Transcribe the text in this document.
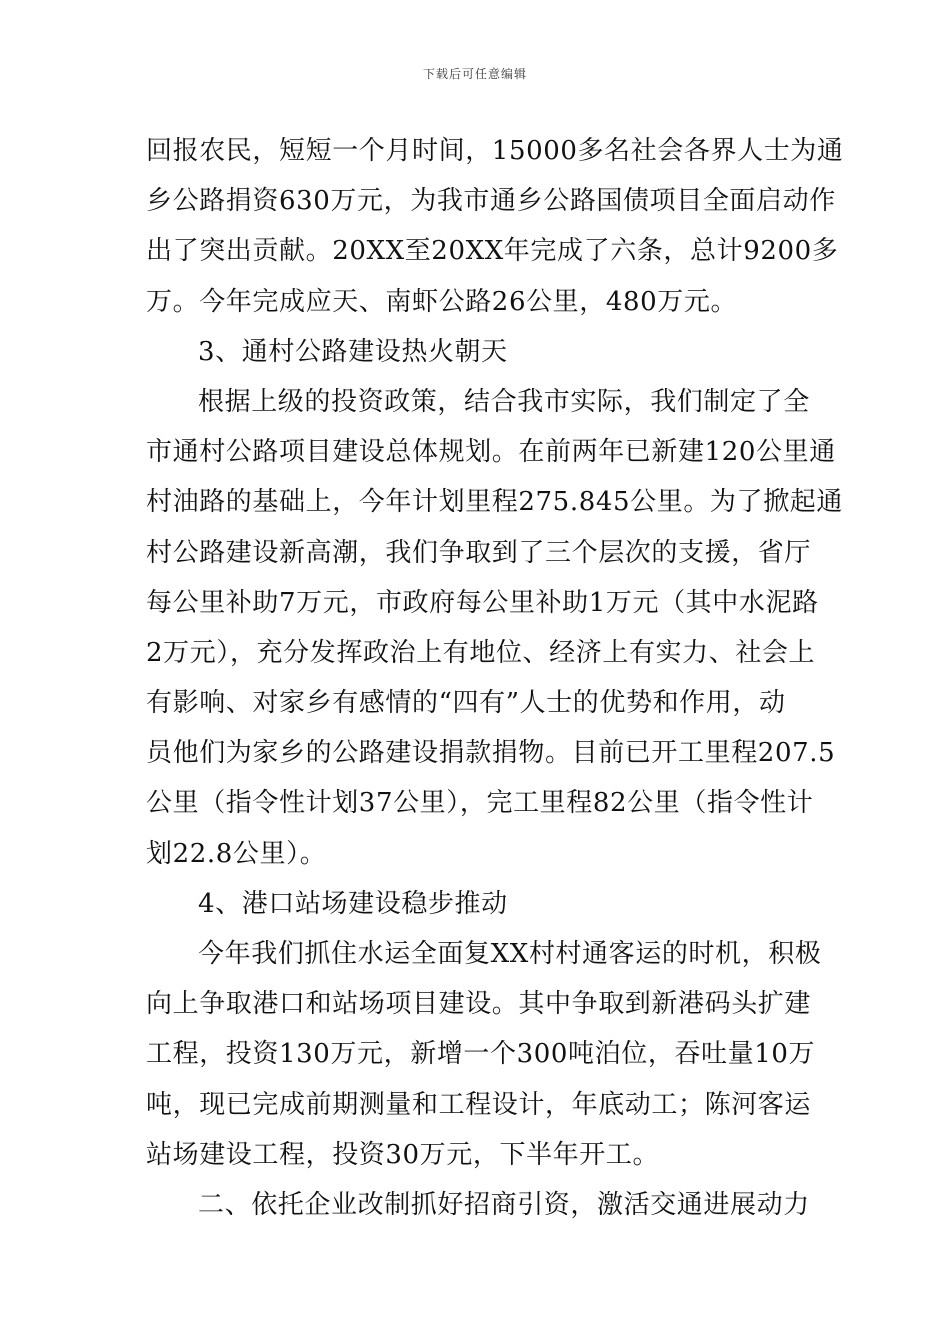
下载后可任意编辑
回报农民，短短一个月时间，15000多名社会各界人士为通
乡公路捐资630万元，为我市通乡公路国债项目全面启动作
出了突出贡献。20XX至20XX年完成了六条，总计9200多
万。今年完成应天、南虾公路26公里，480万元。
3、通村公路建设热火朝天
根据上级的投资政策，结合我市实际，我们制定了全
市通村公路项目建设总体规划。在前两年已新建120公里通
村油路的基础上，今年计划里程275.845公里。为了掀起通
村公路建设新高潮，我们争取到了三个层次的支援，省厅
每公里补助7万元，市政府每公里补助1万元（其中水泥路
2万元），充分发挥政治上有地位、经济上有实力、社会上
有影响、对家乡有感情的“四有”人士的优势和作用，动
员他们为家乡的公路建设捐款捐物。目前已开工里程207.5
公里（指令性计划37公里），完工里程82公里（指令性计
划22.8公里）。
4、港口站场建设稳步推动
今年我们抓住水运全面复XX村村通客运的时机，积极
向上争取港口和站场项目建设。其中争取到新港码头扩建
工程，投资130万元，新增一个300吨泊位，吞吐量10万
吨，现已完成前期测量和工程设计，年底动工；陈河客运
站场建设工程，投资30万元，下半年开工。
二、依托企业改制抓好招商引资，激活交通进展动力
